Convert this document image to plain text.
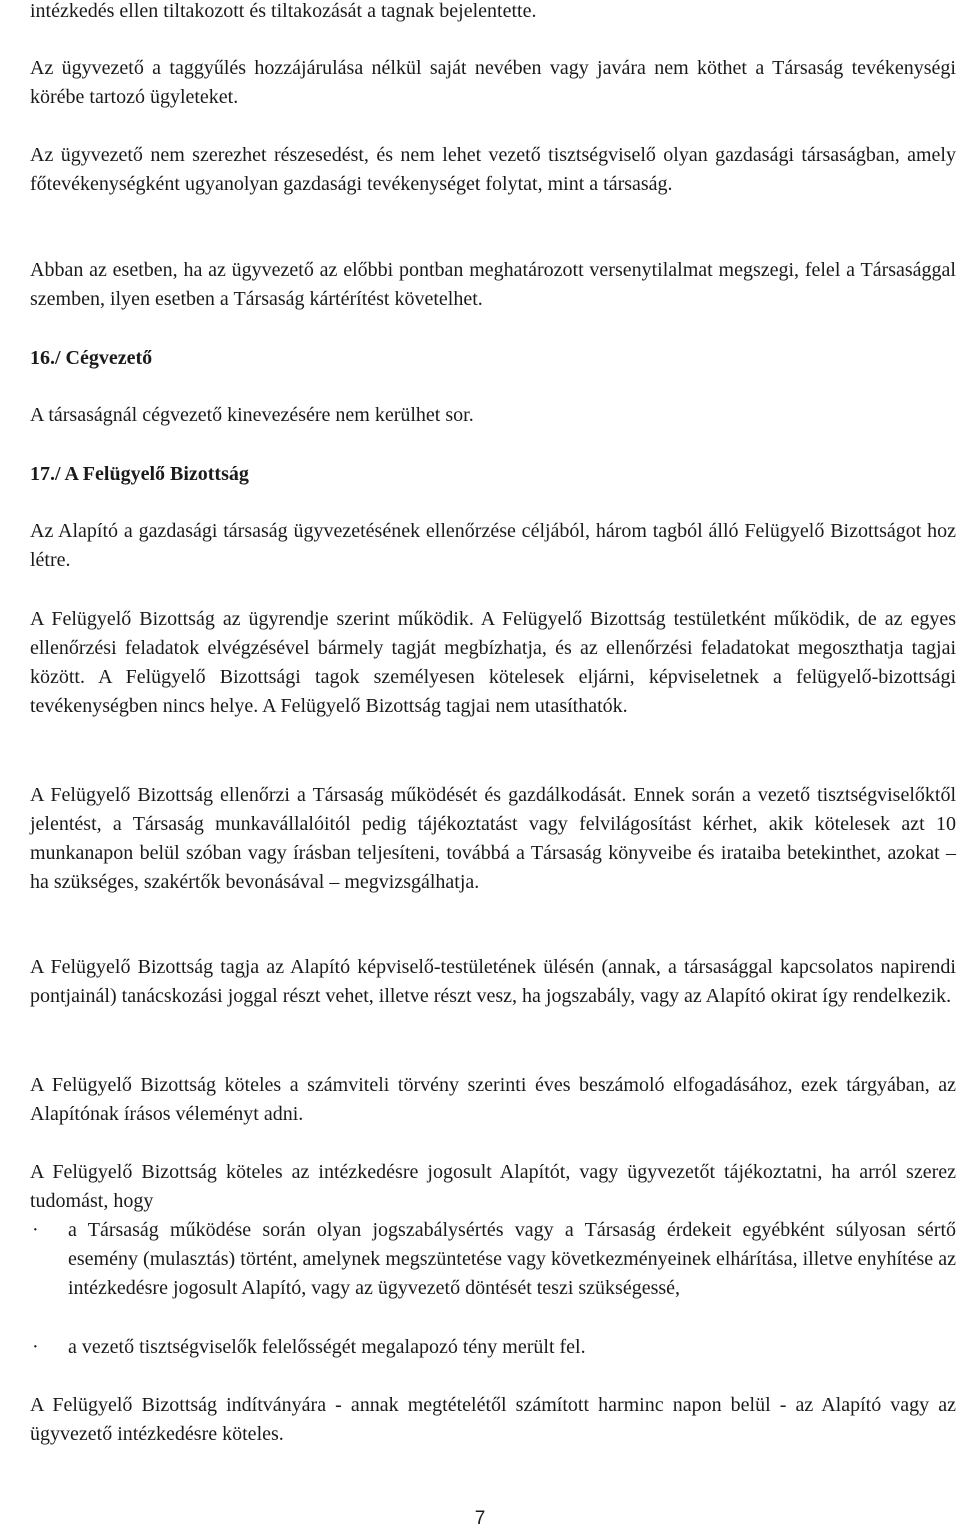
intézkedés ellen tiltakozott és tiltakozását a tagnak bejelentette.

Az ügyvezető a taggyűlés hozzájárulása nélkül saját nevében vagy javára nem köthet a Társaság tevékenységi körébe tartozó ügyleteket.

Az ügyvezető nem szerezhet részesedést, és nem lehet vezető tisztségviselő olyan gazdasági társaságban, amely főtevékenységként ugyanolyan gazdasági tevékenységet folytat, mint a társaság.

Abban az esetben, ha az ügyvezető az előbbi pontban meghatározott versenytilalmat megszegi, felel a Társasággal szemben, ilyen esetben a Társaság kártérítést követelhet.

16./ Cégvezető

A társaságnál cégvezető kinevezésére nem kerülhet sor.

17./ A Felügyelő Bizottság

Az Alapító a gazdasági társaság ügyvezetésének ellenőrzése céljából, három tagból álló Felügyelő Bizottságot hoz létre.

A Felügyelő Bizottság az ügyrendje szerint működik. A Felügyelő Bizottság testületként működik, de az egyes ellenőrzési feladatok elvégzésével bármely tagját megbízhatja, és az ellenőrzési feladatokat megoszthatja tagjai között. A Felügyelő Bizottsági tagok személyesen kötelesek eljárni, képviseletnek a felügyelő-bizottsági tevékenységben nincs helye. A Felügyelő Bizottság tagjai nem utasíthatók.

A Felügyelő Bizottság ellenőrzi a Társaság működését és gazdálkodását. Ennek során a vezető tisztségviselőktől jelentést, a Társaság munkavállalóitól pedig tájékoztatást vagy felvilágosítást kérhet, akik kötelesek azt 10 munkanapon belül szóban vagy írásban teljesíteni, továbbá a Társaság könyveibe és irataiba betekinthet, azokat – ha szükséges, szakértők bevonásával – megvizsgálhatja.

A Felügyelő Bizottság tagja az Alapító képviselő-testületének ülésén (annak, a társasággal kapcsolatos napirendi pontjainál) tanácskozási joggal részt vehet, illetve részt vesz, ha jogszabály, vagy az Alapító okirat így rendelkezik.

A Felügyelő Bizottság köteles a számviteli törvény szerinti éves beszámoló elfogadásához, ezek tárgyában, az Alapítónak írásos véleményt adni.

A Felügyelő Bizottság köteles az intézkedésre jogosult Alapítót, vagy ügyvezetőt tájékoztatni, ha arról szerez tudomást, hogy

· a Társaság működése során olyan jogszabálysértés vagy a Társaság érdekeit egyébként súlyosan sértő esemény (mulasztás) történt, amelynek megszüntetése vagy következményeinek elhárítása, illetve enyhítése az intézkedésre jogosult Alapító, vagy az ügyvezető döntését teszi szükségessé,
· a vezető tisztségviselők felelősségét megalapozó tény merült fel.

A Felügyelő Bizottság indítványára - annak megtételétől számított harminc napon belül - az Alapító vagy az ügyvezető intézkedésre köteles.

7
